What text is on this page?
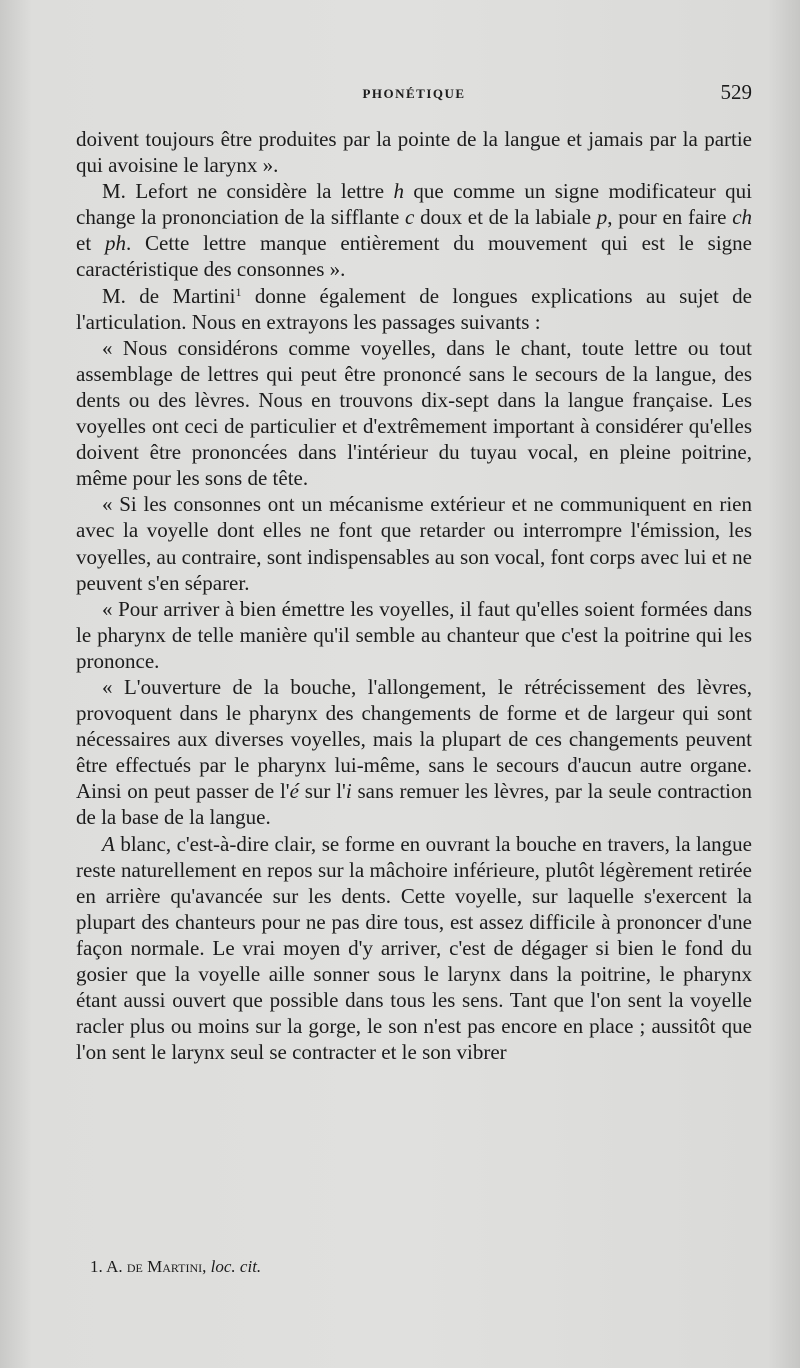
PHONÉTIQUE	529

doivent toujours être produites par la pointe de la langue et jamais par la partie qui avoisine le larynx ».

M. Lefort ne considère la lettre h que comme un signe modificateur qui change la prononciation de la sifflante c doux et de la labiale p, pour en faire ch et ph. Cette lettre manque entièrement du mouvement qui est le signe caractéristique des consonnes ».

M. de Martini$^1$ donne également de longues explications au sujet de l'articulation. Nous en extrayons les passages suivants :

« Nous considérons comme voyelles, dans le chant, toute lettre ou tout assemblage de lettres qui peut être prononcé sans le secours de la langue, des dents ou des lèvres. Nous en trouvons dix-sept dans la langue française. Les voyelles ont ceci de particulier et d'extrêmement important à considérer qu'elles doivent être prononcées dans l'intérieur du tuyau vocal, en pleine poitrine, même pour les sons de tête.

« Si les consonnes ont un mécanisme extérieur et ne communiquent en rien avec la voyelle dont elles ne font que retarder ou interrompre l'émission, les voyelles, au contraire, sont indispensables au son vocal, font corps avec lui et ne peuvent s'en séparer.

« Pour arriver à bien émettre les voyelles, il faut qu'elles soient formées dans le pharynx de telle manière qu'il semble au chanteur que c'est la poitrine qui les prononce.

« L'ouverture de la bouche, l'allongement, le rétrécissement des lèvres, provoquent dans le pharynx des changements de forme et de largeur qui sont nécessaires aux diverses voyelles, mais la plupart de ces changements peuvent être effectués par le pharynx lui-même, sans le secours d'aucun autre organe. Ainsi on peut passer de l'é sur l'i sans remuer les lèvres, par la seule contraction de la base de la langue.

A blanc, c'est-à-dire clair, se forme en ouvrant la bouche en travers, la langue reste naturellement en repos sur la mâchoire inférieure, plutôt légèrement retirée en arrière qu'avancée sur les dents. Cette voyelle, sur laquelle s'exercent la plupart des chanteurs pour ne pas dire tous, est assez difficile à prononcer d'une façon normale. Le vrai moyen d'y arriver, c'est de dégager si bien le fond du gosier que la voyelle aille sonner sous le larynx dans la poitrine, le pharynx étant aussi ouvert que possible dans tous les sens. Tant que l'on sent la voyelle racler plus ou moins sur la gorge, le son n'est pas encore en place ; aussitôt que l'on sent le larynx seul se contracter et le son vibrer

1. A. de Martini, loc. cit.
